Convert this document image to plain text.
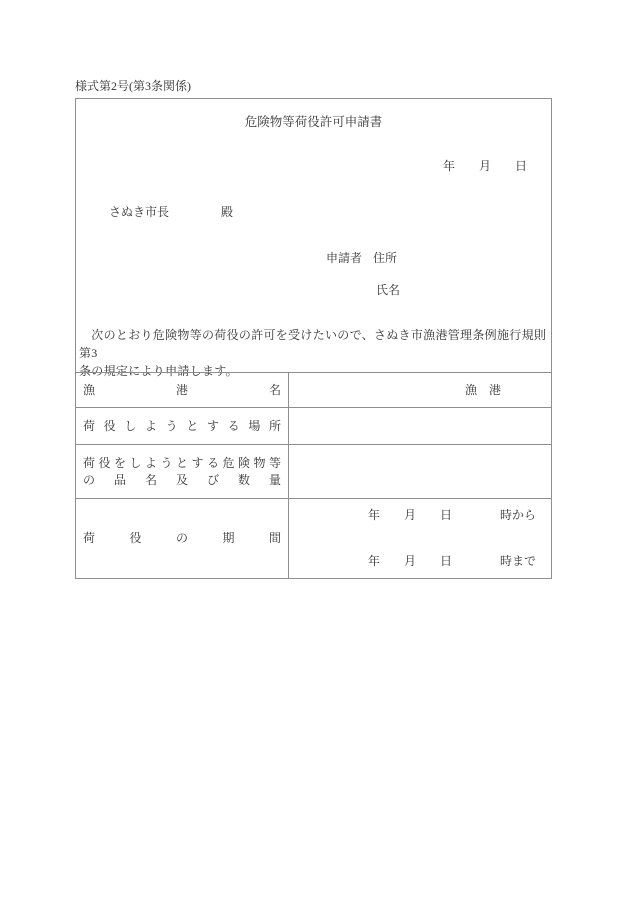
様式第2号(第3条関係)
危険物等荷役許可申請書
年　　月　　日
さぬき市長	殿
申請者 住所
氏名
　次のとおり危険物等の荷役の許可を受けたいので、さぬき市漁港管理条例施行規則第3
条の規定により申請します。
漁港名	漁　港
荷役しようとする場所	

荷役をしようとする危険物等
の品名及び数量	

荷役の期間	年　　月　　日　　　　時から
年　　月　　日　　　　時まで
